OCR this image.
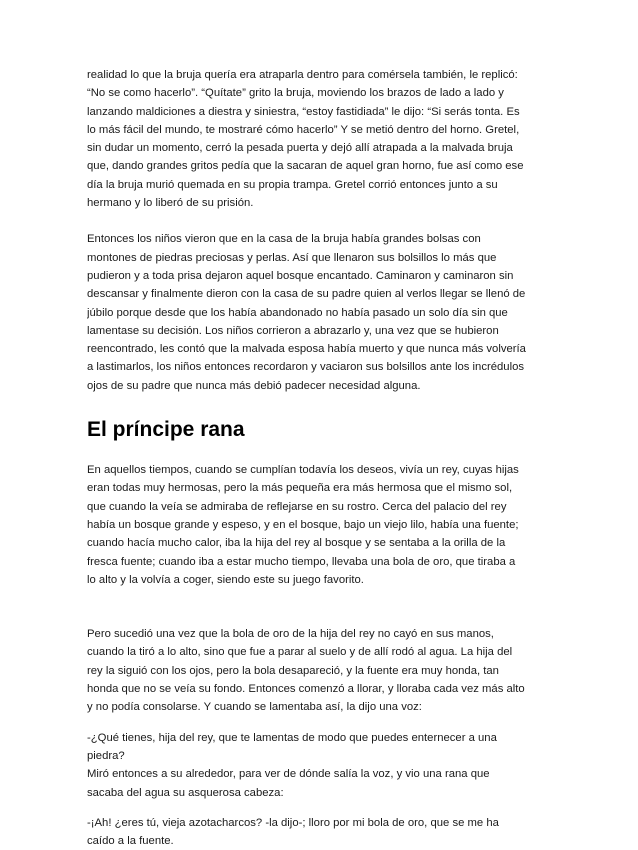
realidad lo que la bruja quería era atraparla dentro para comérsela también, le replicó:
“No se como hacerlo”. “Quítate” grito la bruja, moviendo los brazos de lado a lado y
lanzando maldiciones a diestra y siniestra, “estoy fastidiada” le dijo: “Si serás tonta. Es
lo más fácil del mundo, te mostraré cómo hacerlo” Y se metió dentro del horno. Gretel,
sin dudar un momento, cerró la pesada puerta y dejó allí atrapada a la malvada bruja
que, dando grandes gritos pedía que la sacaran de aquel gran horno, fue así como ese
día la bruja murió quemada en su propia trampa. Gretel corrió entonces junto a su
hermano y lo liberó de su prisión.

Entonces los niños vieron que en la casa de la bruja había grandes bolsas con
montones de piedras preciosas y perlas. Así que llenaron sus bolsillos lo más que
pudieron y a toda prisa dejaron aquel bosque encantado. Caminaron y caminaron sin
descansar y finalmente dieron con la casa de su padre quien al verlos llegar se llenó de
júbilo porque desde que los había abandonado no había pasado un solo día sin que
lamentase su decisión. Los niños corrieron a abrazarlo y, una vez que se hubieron
reencontrado, les contó que la malvada esposa había muerto y que nunca más volvería
a lastimarlos, los niños entonces recordaron y vaciaron sus bolsillos ante los incrédulos
ojos de su padre que nunca más debió padecer necesidad alguna.

El príncipe rana

En aquellos tiempos, cuando se cumplían todavía los deseos, vivía un rey, cuyas hijas
eran todas muy hermosas, pero la más pequeña era más hermosa que el mismo sol,
que cuando la veía se admiraba de reflejarse en su rostro. Cerca del palacio del rey
había un bosque grande y espeso, y en el bosque, bajo un viejo lilo, había una fuente;
cuando hacía mucho calor, iba la hija del rey al bosque y se sentaba a la orilla de la
fresca fuente; cuando iba a estar mucho tiempo, llevaba una bola de oro, que tiraba a
lo alto y la volvía a coger, siendo este su juego favorito.

Pero sucedió una vez que la bola de oro de la hija del rey no cayó en sus manos,
cuando la tiró a lo alto, sino que fue a parar al suelo y de allí rodó al agua. La hija del
rey la siguió con los ojos, pero la bola desapareció, y la fuente era muy honda, tan
honda que no se veía su fondo. Entonces comenzó a llorar, y lloraba cada vez más alto
y no podía consolarse. Y cuando se lamentaba así, la dijo una voz:

-¿Qué tienes, hija del rey, que te lamentas de modo que puedes enternecer a una
piedra?
Miró entonces a su alrededor, para ver de dónde salía la voz, y vio una rana que
sacaba del agua su asquerosa cabeza:

-¡Ah! ¿eres tú, vieja azotacharcos? -la dijo-; lloro por mi bola de oro, que se me ha
caído a la fuente.
